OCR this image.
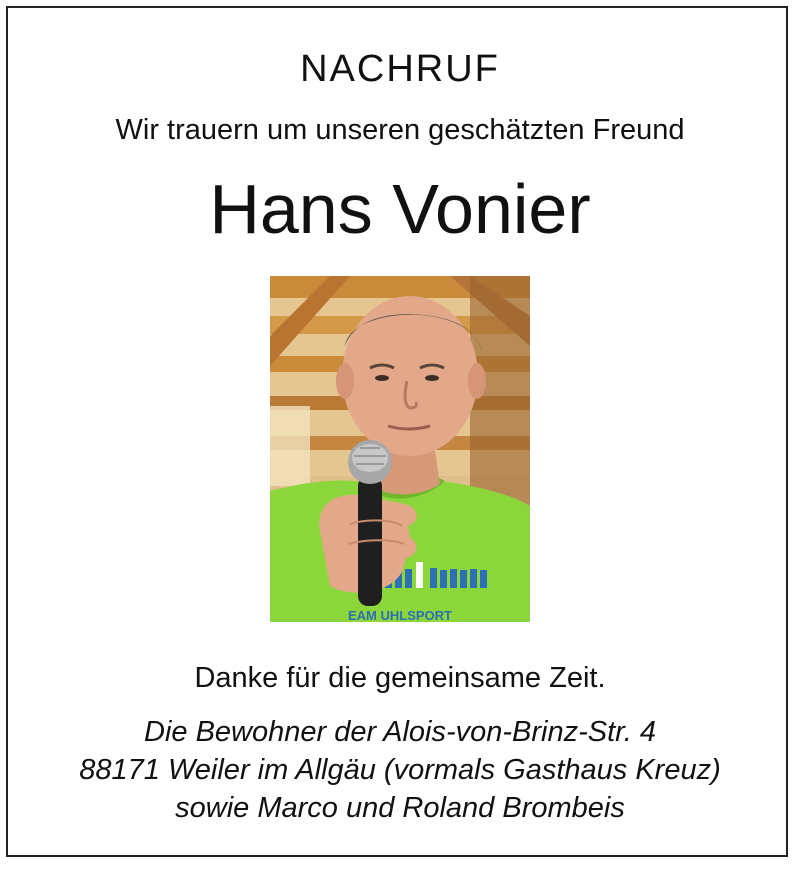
NACHRUF
Wir trauern um unseren geschätzten Freund
Hans Vonier
EAM UHLSPORT
Danke für die gemeinsame Zeit.
Die Bewohner der Alois-von-Brinz-Str. 4
88171 Weiler im Allgäu (vormals Gasthaus Kreuz)
sowie Marco und Roland Brombeis
